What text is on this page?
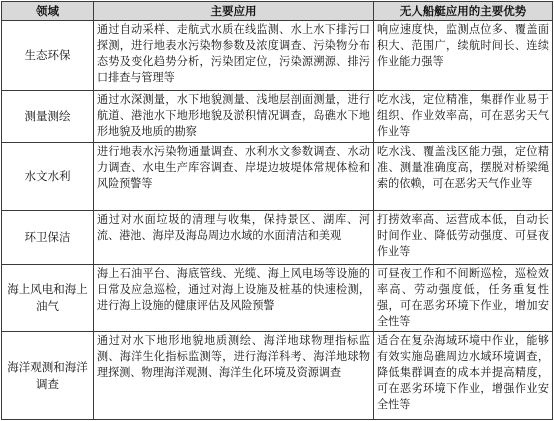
领域	主要应用	无人船艇应用的主要优势
生态环保	通过自动采样、走航式水质在线监测、水上水下排污口探测，进行地表水污染物参数及浓度调查、污染物分布态势及变化趋势分析，污染团定位，污染源溯源、排污口排查与管理等	响应速度快，监测点位多、覆盖面积大、范围广，续航时间长、连续作业能力强等
测量测绘	通过水深测量，水下地貌测量、浅地层剖面测量，进行航道、港池水下地形地貌及淤积情况调查，岛礁水下地形地貌及地质的勘察	吃水浅，定位精准，集群作业易于组织、作业效率高，可在恶劣天气作业等
水文水利	进行地表水污染物通量调查、水利水文参数调查、水动力调查、水电生产库容调查、岸堤边坡堤体常规体检和风险预警等	吃水浅、覆盖浅区能力强，定位精准、测量准确度高，摆脱对桥梁绳索的依赖，可在恶劣天气作业等
环卫保洁	通过对水面垃圾的清理与收集，保持景区、湖库、河流、港池、海岸及海岛周边水域的水面清洁和美观	打捞效率高、运营成本低，自动长时间作业、降低劳动强度、可昼夜作业等
海上风电和海上油气	海上石油平台、海底管线、光缆、海上风电场等设施的日常及应急巡检，通过对海上设施及桩基的快速检测，进行海上设施的健康评估及风险预警	可昼夜工作和不间断巡检，巡检效率高、劳动强度低，任务重复性强，可在恶劣环境下作业，增加安全性等
海洋观测和海洋调查	通过对水下地形地貌地质测绘、海洋地球物理指标监测、海洋生化指标监测等，进行海洋科考、海洋地球物理探测、物理海洋观测、海洋生化环境及资源调查	适合在复杂海域环境中作业，能够有效实施岛礁周边水域环境调查，降低集群调查的成本并提高精度，可在恶劣环境下作业，增强作业安全性等
